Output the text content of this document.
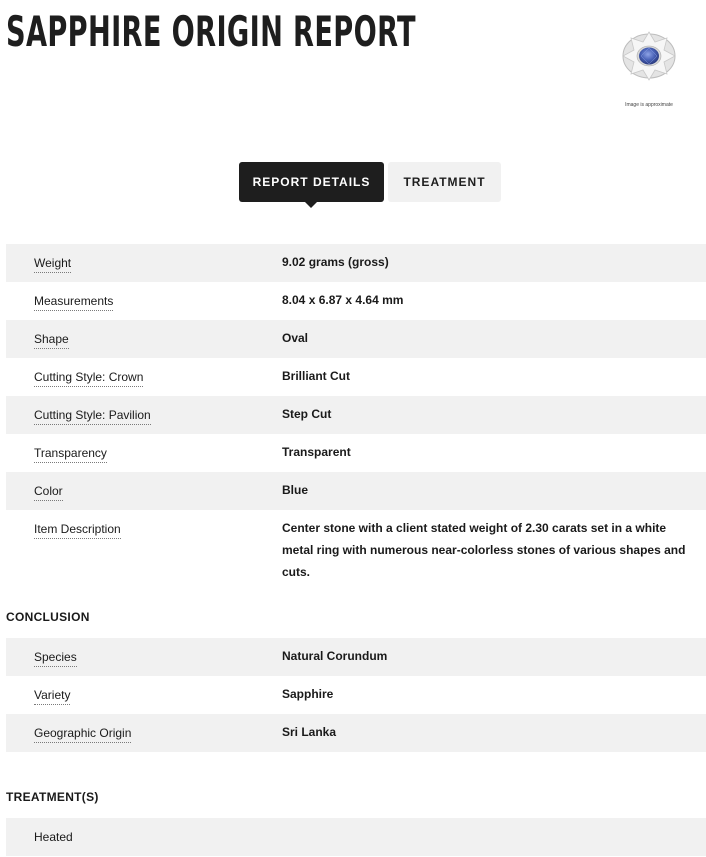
SAPPHIRE ORIGIN REPORT
Image is approximate
REPORT DETAILS	TREATMENT
Weight	9.02 grams (gross)
Measurements	8.04 x 6.87 x 4.64 mm
Shape	Oval
Cutting Style: Crown	Brilliant Cut
Cutting Style: Pavilion	Step Cut
Transparency	Transparent
Color	Blue
Item Description	Center stone with a client stated weight of 2.30 carats set in a white metal ring with numerous near-colorless stones of various shapes and cuts.
CONCLUSION
Species	Natural Corundum
Variety	Sapphire
Geographic Origin	Sri Lanka
TREATMENT(S)
Heated
